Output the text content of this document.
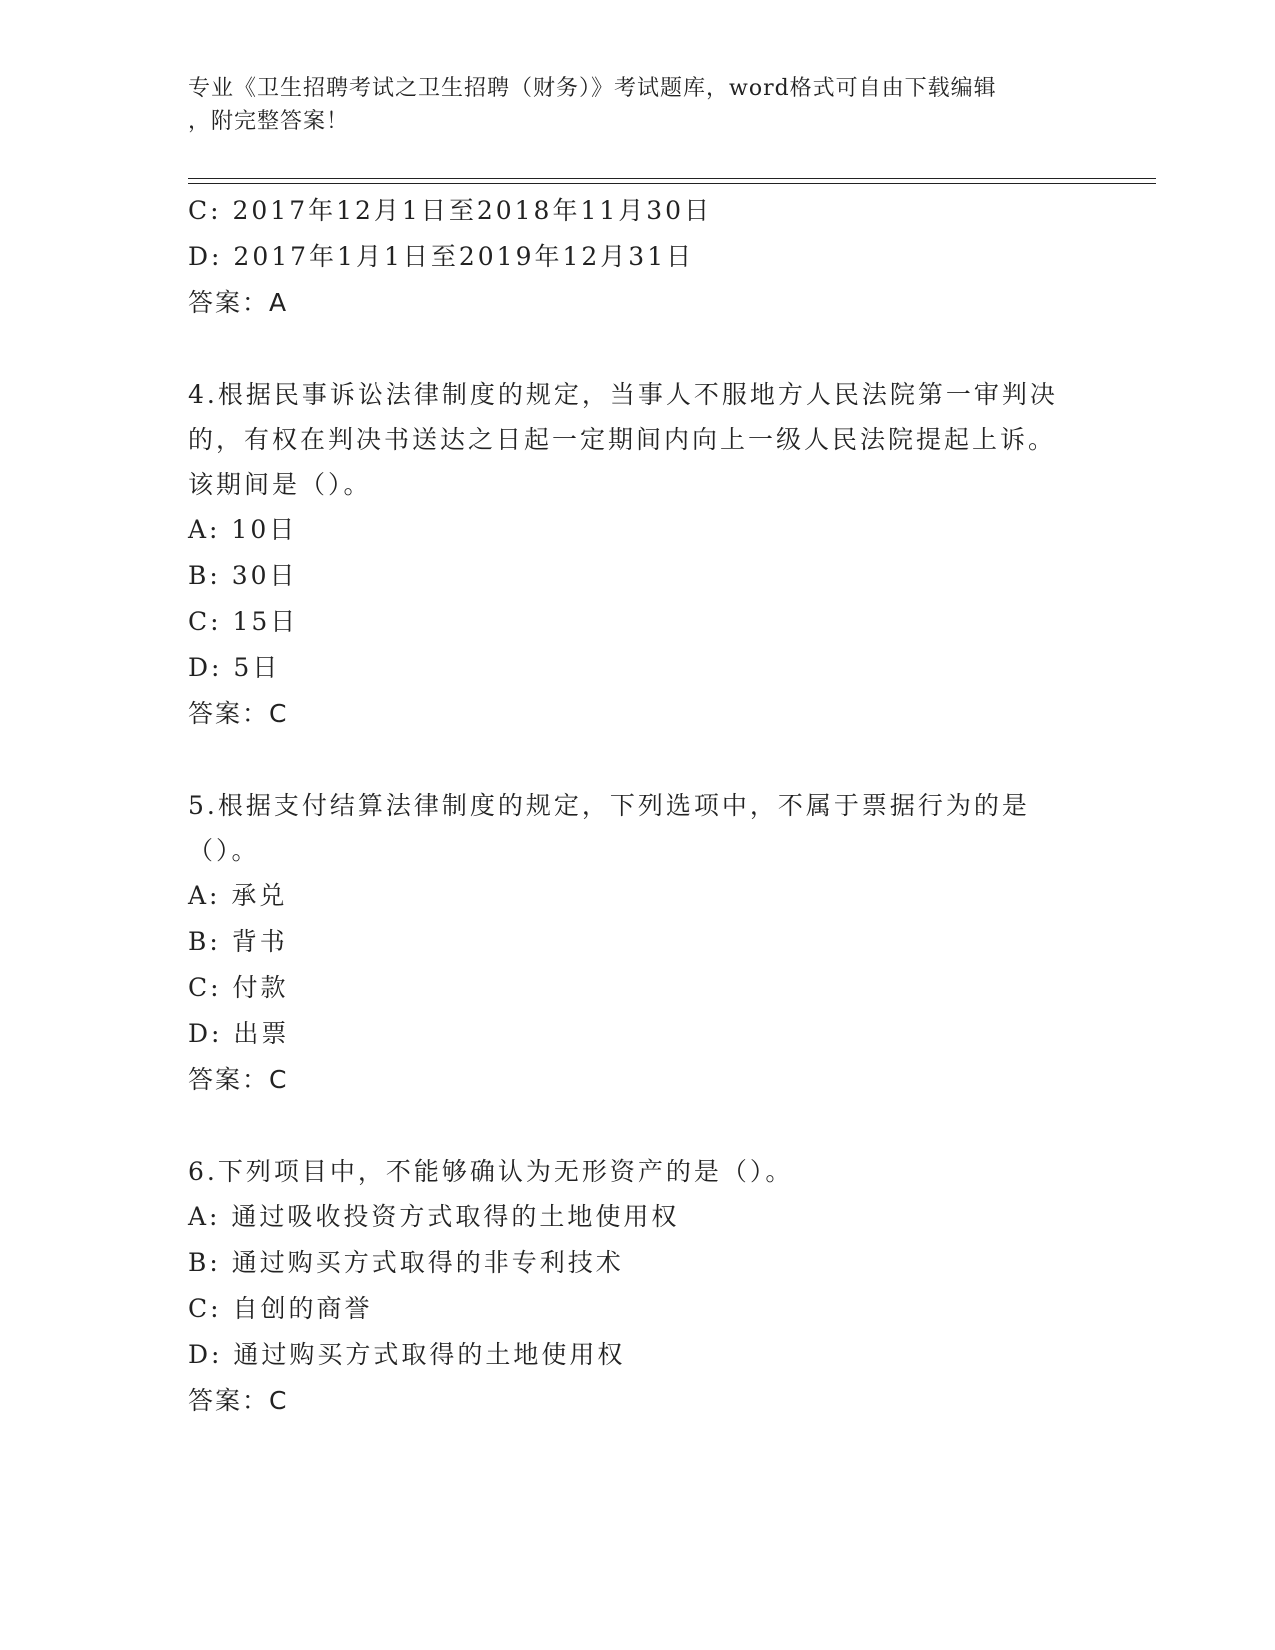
专业《卫生招聘考试之卫生招聘（财务）》考试题库，word格式可自由下载编辑
，附完整答案！
C: 2017年12月1日至2018年11月30日
D: 2017年1月1日至2019年12月31日
答案：A
4.根据民事诉讼法律制度的规定，当事人不服地方人民法院第一审判决的，有权在判决书送达之日起一定期间内向上一级人民法院提起上诉。该期间是（）。
A: 10日
B: 30日
C: 15日
D: 5日
答案：C
5.根据支付结算法律制度的规定，下列选项中，不属于票据行为的是（）。
A: 承兑
B: 背书
C: 付款
D: 出票
答案：C
6.下列项目中，不能够确认为无形资产的是（）。
A: 通过吸收投资方式取得的土地使用权
B: 通过购买方式取得的非专利技术
C: 自创的商誉
D: 通过购买方式取得的土地使用权
答案：C
